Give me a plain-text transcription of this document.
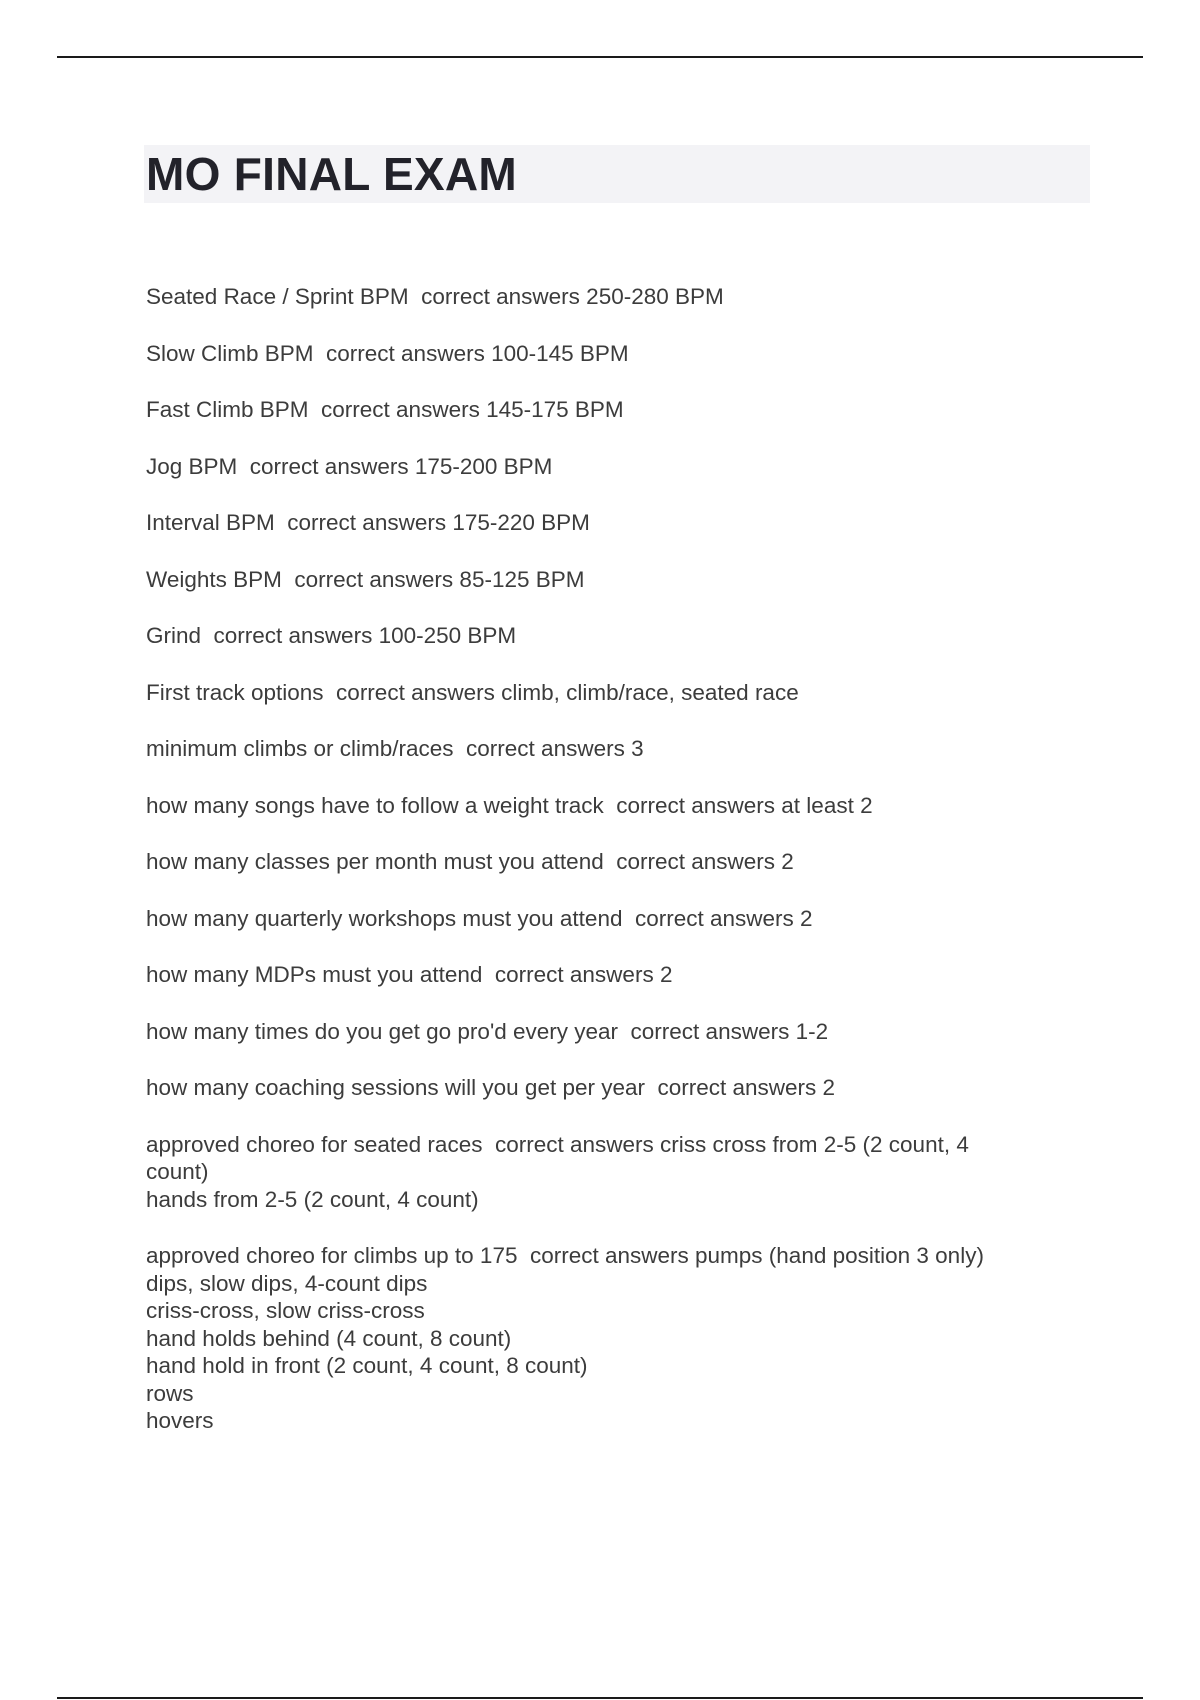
MO FINAL EXAM
Seated Race / Sprint BPM  correct answers 250-280 BPM
Slow Climb BPM  correct answers 100-145 BPM
Fast Climb BPM  correct answers 145-175 BPM
Jog BPM  correct answers 175-200 BPM
Interval BPM  correct answers 175-220 BPM
Weights BPM  correct answers 85-125 BPM
Grind  correct answers 100-250 BPM
First track options  correct answers climb, climb/race, seated race
minimum climbs or climb/races  correct answers 3
how many songs have to follow a weight track  correct answers at least 2
how many classes per month must you attend  correct answers 2
how many quarterly workshops must you attend  correct answers 2
how many MDPs must you attend  correct answers 2
how many times do you get go pro'd every year  correct answers 1-2
how many coaching sessions will you get per year  correct answers 2
approved choreo for seated races  correct answers criss cross from 2-5 (2 count, 4
count)
hands from 2-5 (2 count, 4 count)
approved choreo for climbs up to 175  correct answers pumps (hand position 3 only)
dips, slow dips, 4-count dips
criss-cross, slow criss-cross
hand holds behind (4 count, 8 count)
hand hold in front (2 count, 4 count, 8 count)
rows
hovers
